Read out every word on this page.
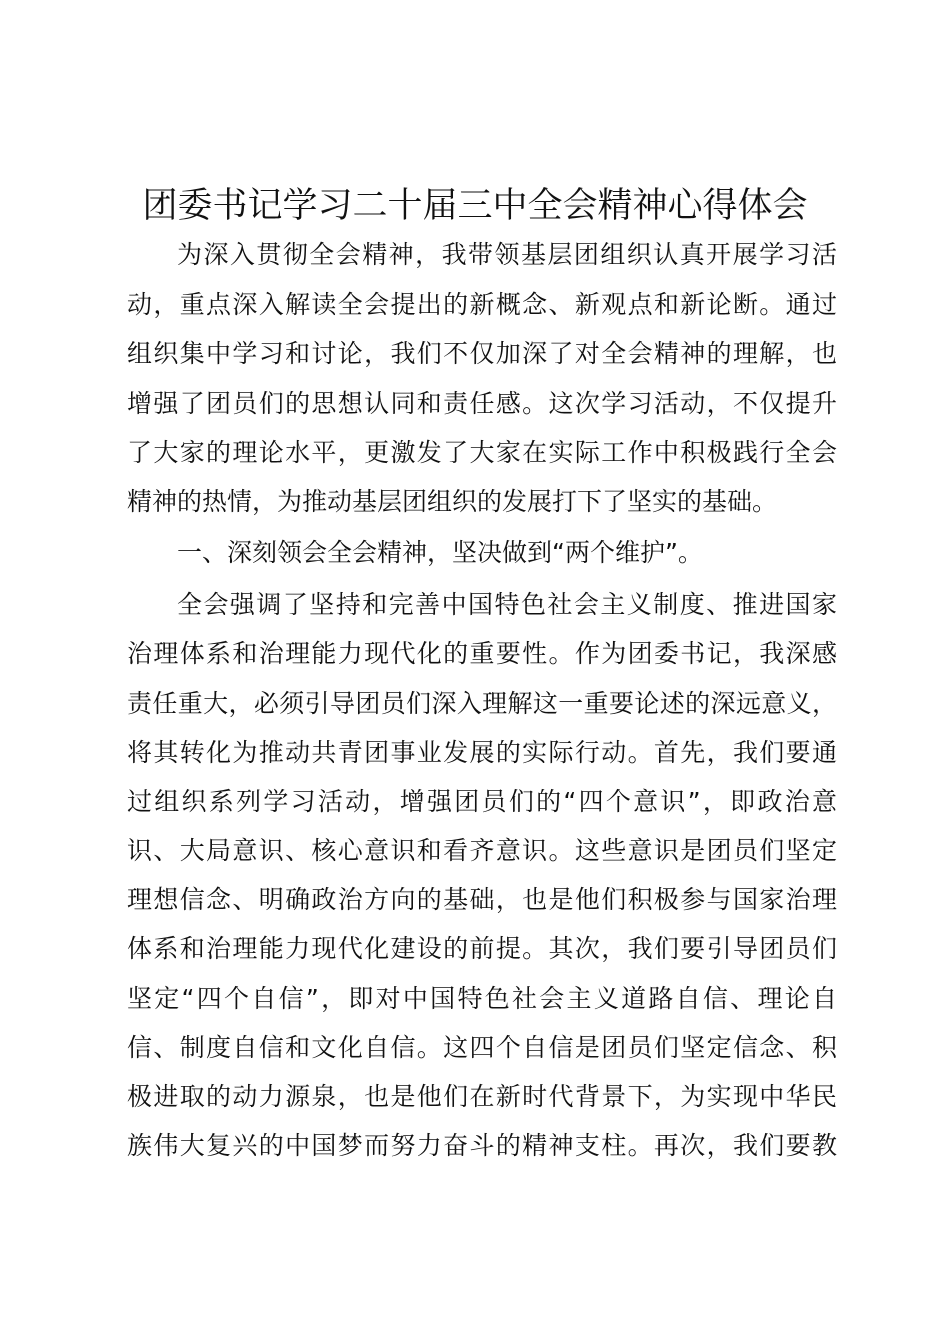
团委书记学习二十届三中全会精神心得体会
为深入贯彻全会精神，我带领基层团组织认真开展学习活
动，重点深入解读全会提出的新概念、新观点和新论断。通过
组织集中学习和讨论，我们不仅加深了对全会精神的理解，也
增强了团员们的思想认同和责任感。这次学习活动，不仅提升
了大家的理论水平，更激发了大家在实际工作中积极践行全会
精神的热情，为推动基层团组织的发展打下了坚实的基础。
一、深刻领会全会精神，坚决做到“两个维护”。
全会强调了坚持和完善中国特色社会主义制度、推进国家
治理体系和治理能力现代化的重要性。作为团委书记，我深感
责任重大，必须引导团员们深入理解这一重要论述的深远意义，
将其转化为推动共青团事业发展的实际行动。首先，我们要通
过组织系列学习活动，增强团员们的“四个意识”，即政治意
识、大局意识、核心意识和看齐意识。这些意识是团员们坚定
理想信念、明确政治方向的基础，也是他们积极参与国家治理
体系和治理能力现代化建设的前提。其次，我们要引导团员们
坚定“四个自信”，即对中国特色社会主义道路自信、理论自
信、制度自信和文化自信。这四个自信是团员们坚定信念、积
极进取的动力源泉，也是他们在新时代背景下，为实现中华民
族伟大复兴的中国梦而努力奋斗的精神支柱。再次，我们要教
